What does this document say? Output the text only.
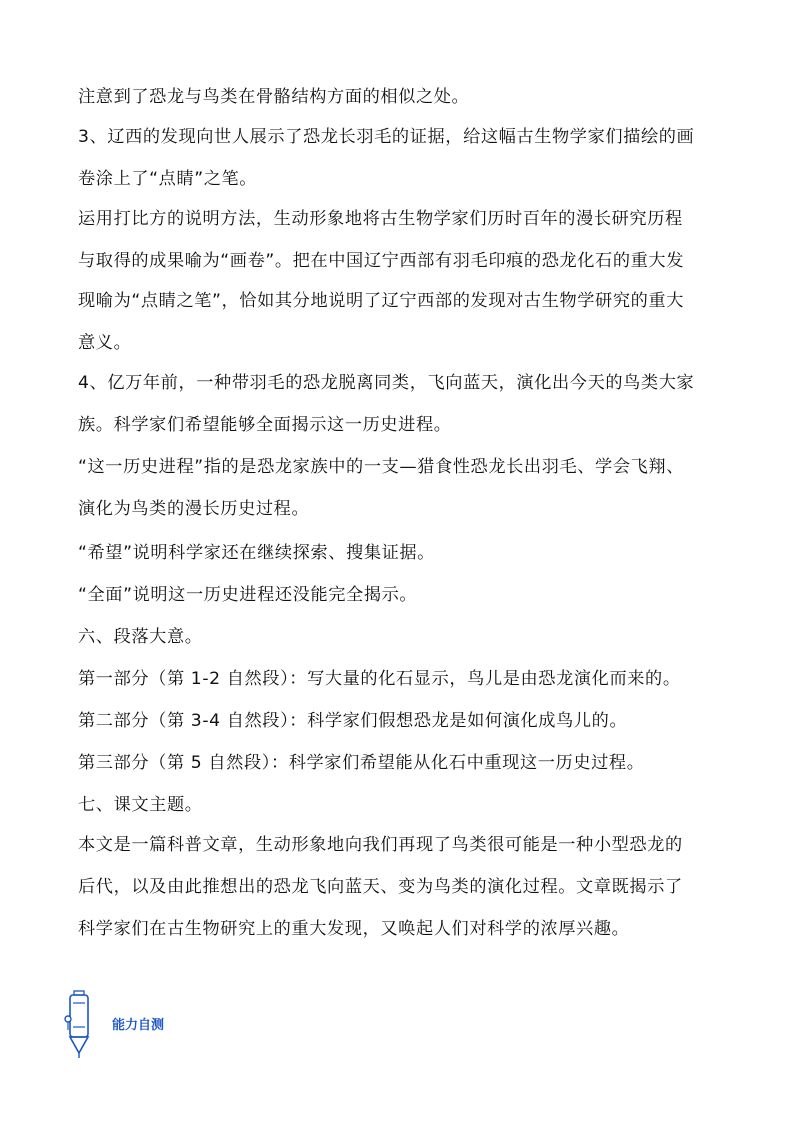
注意到了恐龙与鸟类在骨骼结构方面的相似之处。
3、辽西的发现向世人展示了恐龙长羽毛的证据，给这幅古生物学家们描绘的画
卷涂上了“点睛”之笔。
运用打比方的说明方法，生动形象地将古生物学家们历时百年的漫长研究历程
与取得的成果喻为“画卷”。把在中国辽宁西部有羽毛印痕的恐龙化石的重大发
现喻为“点睛之笔”，恰如其分地说明了辽宁西部的发现对古生物学研究的重大
意义。
4、亿万年前，一种带羽毛的恐龙脱离同类，飞向蓝天，演化出今天的鸟类大家
族。科学家们希望能够全面揭示这一历史进程。
“这一历史进程”指的是恐龙家族中的一支—猎食性恐龙长出羽毛、学会飞翔、
演化为鸟类的漫长历史过程。
“希望”说明科学家还在继续探索、搜集证据。
“全面”说明这一历史进程还没能完全揭示。
六、段落大意。
第一部分（第 1-2 自然段）：写大量的化石显示，鸟儿是由恐龙演化而来的。
第二部分（第 3-4 自然段）：科学家们假想恐龙是如何演化成鸟儿的。
第三部分（第 5 自然段）：科学家们希望能从化石中重现这一历史过程。
七、课文主题。
本文是一篇科普文章，生动形象地向我们再现了鸟类很可能是一种小型恐龙的
后代，以及由此推想出的恐龙飞向蓝天、变为鸟类的演化过程。文章既揭示了
科学家们在古生物研究上的重大发现，又唤起人们对科学的浓厚兴趣。
能力自测
